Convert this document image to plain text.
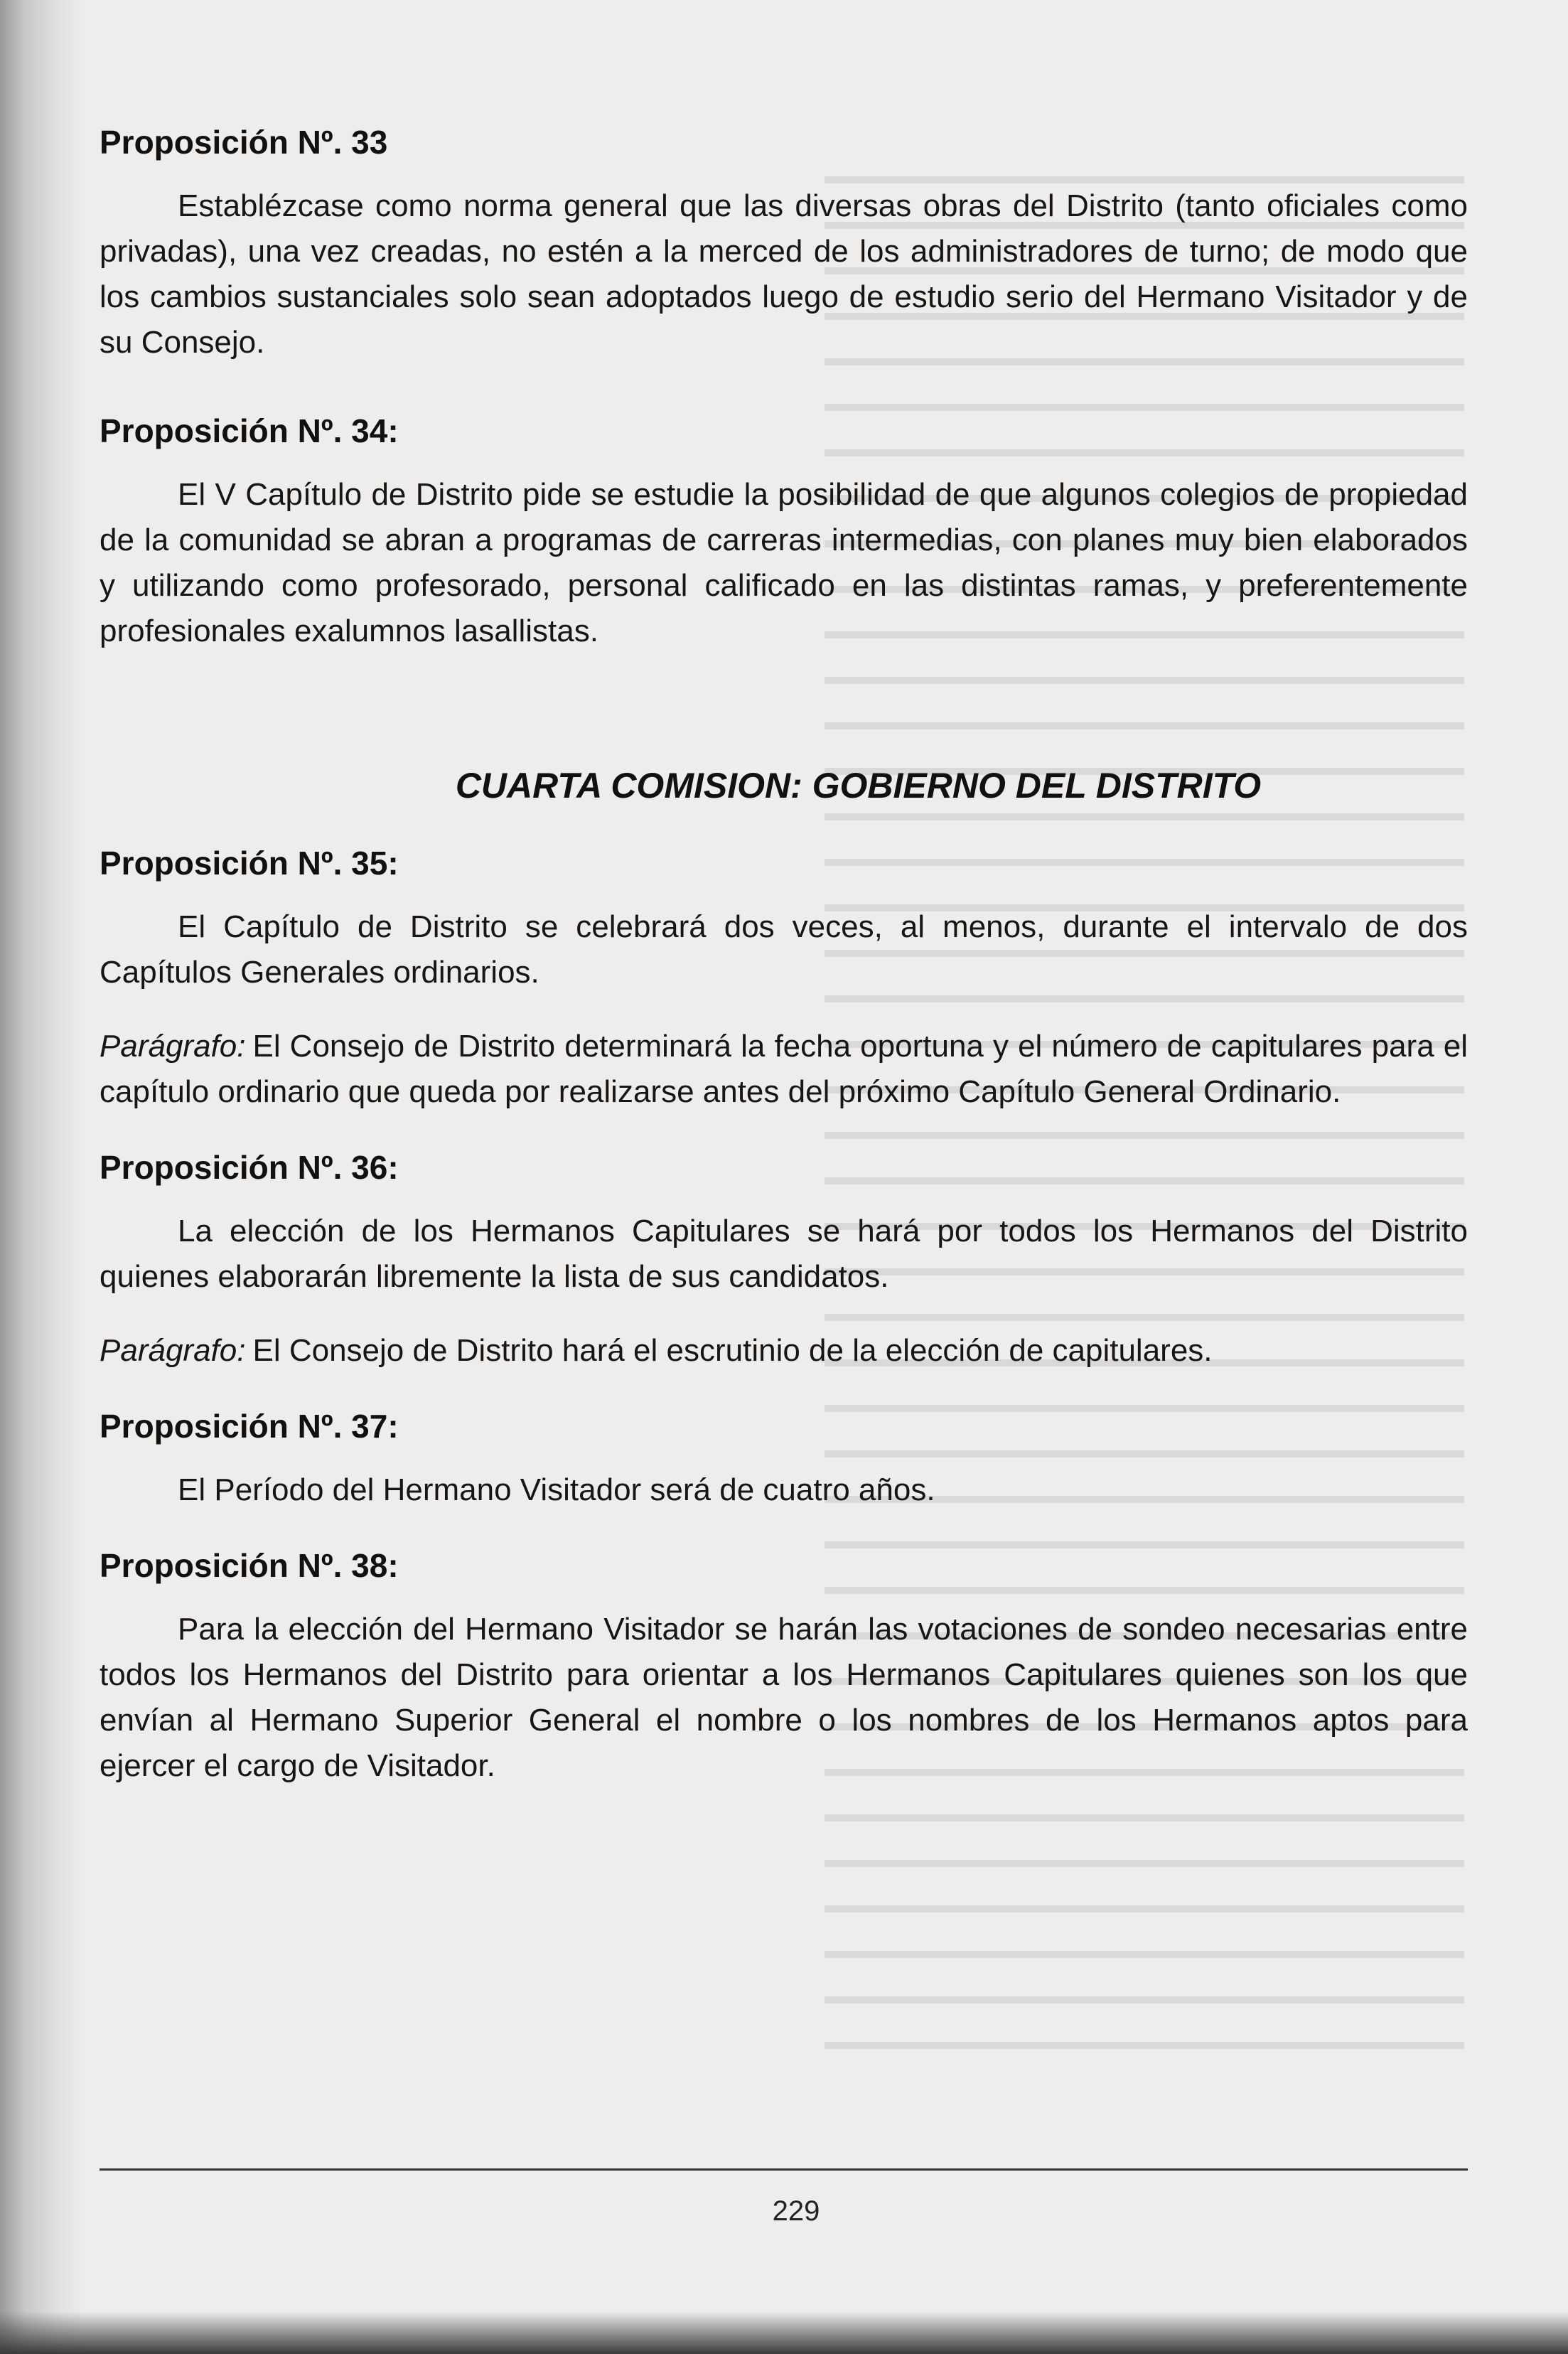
Proposición Nº. 33

Establézcase como norma general que las diversas obras del Distrito (tanto oficiales como privadas), una vez creadas, no estén a la merced de los administradores de turno; de modo que los cambios sustanciales solo sean adoptados luego de estudio serio del Hermano Visitador y de su Consejo.

Proposición Nº. 34:

El V Capítulo de Distrito pide se estudie la posibilidad de que algunos colegios de propiedad de la comunidad se abran a programas de carreras intermedias, con planes muy bien elaborados y utilizando como profesorado, personal calificado en las distintas ramas, y preferentemente profesionales exalumnos lasallistas.

CUARTA COMISION: GOBIERNO DEL DISTRITO
Proposición Nº. 35:

El Capítulo de Distrito se celebrará dos veces, al menos, durante el intervalo de dos Capítulos Generales ordinarios.

Parágrafo: El Consejo de Distrito determinará la fecha oportuna y el número de capitulares para el capítulo ordinario que queda por realizarse antes del próximo Capítulo General Ordinario.

Proposición Nº. 36:

La elección de los Hermanos Capitulares se hará por todos los Hermanos del Distrito quienes elaborarán libremente la lista de sus candidatos.

Parágrafo: El Consejo de Distrito hará el escrutinio de la elección de capitulares.

Proposición Nº. 37:

El Período del Hermano Visitador será de cuatro años.

Proposición Nº. 38:

Para la elección del Hermano Visitador se harán las votaciones de sondeo necesarias entre todos los Hermanos del Distrito para orientar a los Hermanos Capitulares quienes son los que envían al Hermano Superior General el nombre o los nombres de los Hermanos aptos para ejercer el cargo de Visitador.

229
